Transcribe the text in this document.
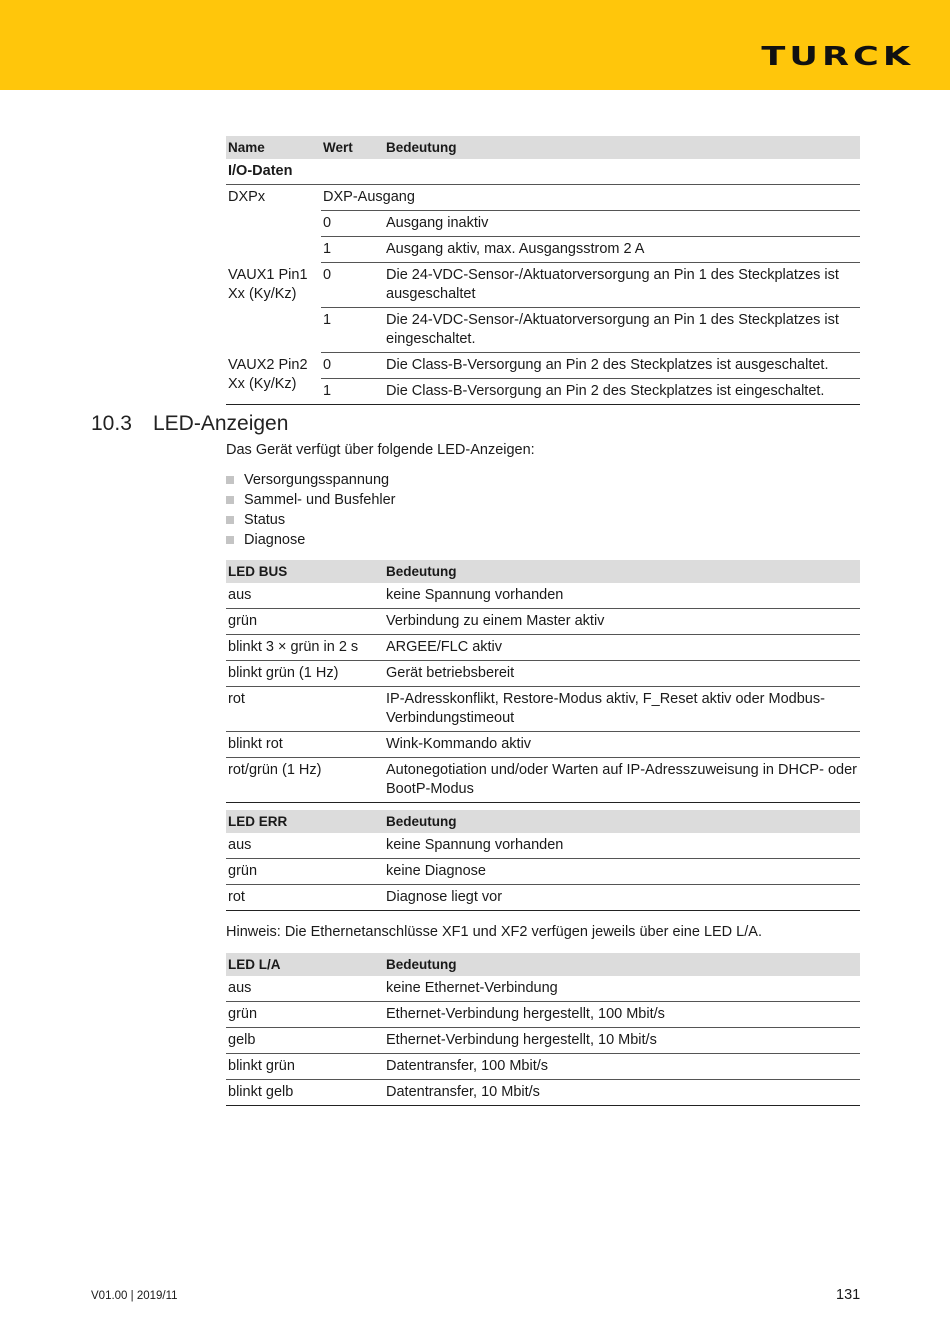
TURCK
Name	Wert	Bedeutung
I/O-Daten		
DXPx	DXP-Ausgang	
	0	Ausgang inaktiv
	1	Ausgang aktiv, max. Ausgangsstrom 2 A
VAUX1 Pin1 Xx (Ky/Kz)	0	Die 24-VDC-Sensor-/Aktuatorversorgung an Pin 1 des Steckplatzes ist ausgeschaltet
	1	Die 24-VDC-Sensor-/Aktuatorversorgung an Pin 1 des Steckplatzes ist eingeschaltet.
VAUX2 Pin2 Xx (Ky/Kz)	0	Die Class-B-Versorgung an Pin 2 des Steckplatzes ist ausgeschaltet.
	1	Die Class-B-Versorgung an Pin 2 des Steckplatzes ist eingeschaltet.
10.3 LED-Anzeigen
Das Gerät verfügt über folgende LED-Anzeigen:
Versorgungsspannung
Sammel- und Busfehler
Status
Diagnose
LED BUS	Bedeutung
aus	keine Spannung vorhanden
grün	Verbindung zu einem Master aktiv
blinkt 3 × grün in 2 s	ARGEE/FLC aktiv
blinkt grün (1 Hz)	Gerät betriebsbereit
rot	IP-Adresskonflikt, Restore-Modus aktiv, F_Reset aktiv oder Modbus-Verbindungstimeout
blinkt rot	Wink-Kommando aktiv
rot/grün (1 Hz)	Autonegotiation und/oder Warten auf IP-Adresszuweisung in DHCP- oder BootP-Modus
LED ERR	Bedeutung
aus	keine Spannung vorhanden
grün	keine Diagnose
rot	Diagnose liegt vor
Hinweis: Die Ethernetanschlüsse XF1 und XF2 verfügen jeweils über eine LED L/A.
LED L/A	Bedeutung
aus	keine Ethernet-Verbindung
grün	Ethernet-Verbindung hergestellt, 100 Mbit/s
gelb	Ethernet-Verbindung hergestellt, 10 Mbit/s
blinkt grün	Datentransfer, 100 Mbit/s
blinkt gelb	Datentransfer, 10 Mbit/s
V01.00 | 2019/11	131
